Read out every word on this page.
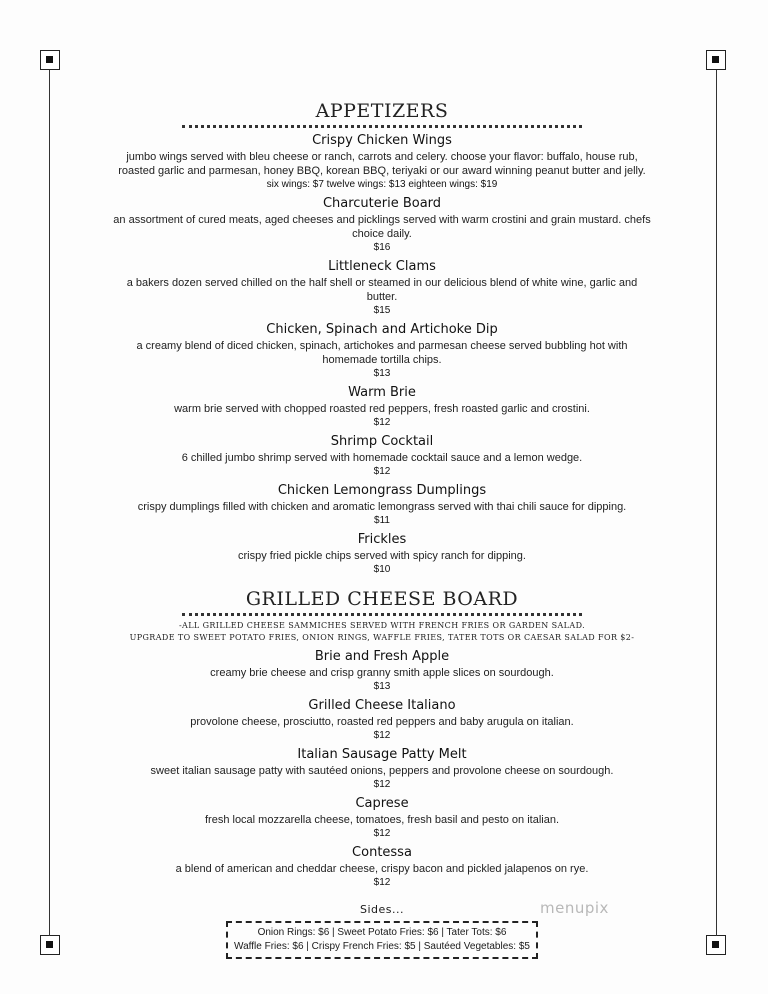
APPETIZERS
Crispy Chicken Wings
jumbo wings served with bleu cheese or ranch, carrots and celery. choose your flavor: buffalo, house rub, roasted garlic and parmesan, honey BBQ, korean BBQ, teriyaki or our award winning peanut butter and jelly.
six wings: $7 twelve wings: $13 eighteen wings: $19
Charcuterie Board
an assortment of cured meats, aged cheeses and picklings served with warm crostini and grain mustard. chefs choice daily.
$16
Littleneck Clams
a bakers dozen served chilled on the half shell or steamed in our delicious blend of white wine, garlic and butter.
$15
Chicken, Spinach and Artichoke Dip
a creamy blend of diced chicken, spinach, artichokes and parmesan cheese served bubbling hot with homemade tortilla chips.
$13
Warm Brie
warm brie served with chopped roasted red peppers, fresh roasted garlic and crostini.
$12
Shrimp Cocktail
6 chilled jumbo shrimp served with homemade cocktail sauce and a lemon wedge.
$12
Chicken Lemongrass Dumplings
crispy dumplings filled with chicken and aromatic lemongrass served with thai chili sauce for dipping.
$11
Frickles
crispy fried pickle chips served with spicy ranch for dipping.
$10
GRILLED CHEESE BOARD
-ALL GRILLED CHEESE SAMMICHES SERVED WITH FRENCH FRIES OR GARDEN SALAD.
UPGRADE TO SWEET POTATO FRIES, ONION RINGS, WAFFLE FRIES, TATER TOTS OR CAESAR SALAD FOR $2-
Brie and Fresh Apple
creamy brie cheese and crisp granny smith apple slices on sourdough.
$13
Grilled Cheese Italiano
provolone cheese, prosciutto, roasted red peppers and baby arugula on italian.
$12
Italian Sausage Patty Melt
sweet italian sausage patty with sautéed onions, peppers and provolone cheese on sourdough.
$12
Caprese
fresh local mozzarella cheese, tomatoes, fresh basil and pesto on italian.
$12
Contessa
a blend of american and cheddar cheese, crispy bacon and pickled jalapenos on rye.
$12
Sides...
Onion Rings: $6 | Sweet Potato Fries: $6 | Tater Tots: $6
Waffle Fries: $6 | Crispy French Fries: $5 | Sautéed Vegetables: $5
menupix
